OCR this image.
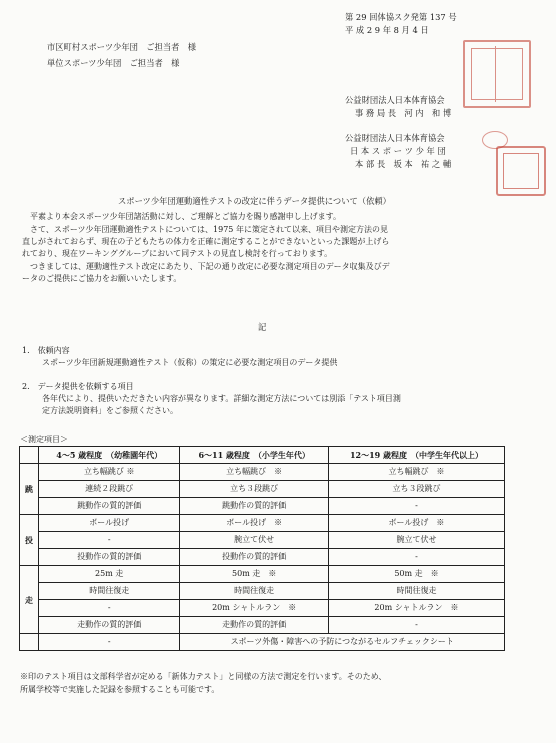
第 29 回体協スク発第 137 号
平 成 2 9 年 8 月 4 日
市区町村スポーツ少年団　ご担当者　様
単位スポーツ少年団　ご担当者　様
公益財団法人日本体育協会
事 務 局 長　河 内　和 博
公益財団法人日本体育協会
日 本 ス ポ ー ツ 少 年 団
本 部 長　坂 本　祐 之 輔
スポーツ少年団運動適性テストの改定に伴うデータ提供について（依頼）
　平素より本会スポーツ少年団諸活動に対し、ご理解とご協力を賜り感謝申し上げます。
　さて、スポーツ少年団運動適性テストについては、1975 年に策定されて以来、項目や測定方法の見
直しがされておらず、現在の子どもたちの体力を正確に測定することができないといった課題が上げら
れており、現在ワーキンググループにおいて同テストの見直し検討を行っております。
　つきましては、運動適性テスト改定にあたり、下記の通り改定に必要な測定項目のデータ収集及びデ
ータのご提供にご協力をお願いいたします。
記
1.　依頼内容
スポーツ少年団新規運動適性テスト（仮称）の策定に必要な測定項目のデータ提供
2.　データ提供を依頼する項目
各年代により、提供いただきたい内容が異なります。詳細な測定方法については別添「テスト項目測
定方法説明資料」をご参照ください。
＜測定項目＞
	4～5 歳程度　（幼稚園年代）	6～11 歳程度　（小学生年代）	12～19 歳程度　（中学生年代以上）
跳	立ち幅跳び ※	立ち幅跳び　※	立ち幅跳び　※
	連続２段跳び	立ち３段跳び	立ち３段跳び
	跳動作の質的評価	跳動作の質的評価	-
投	ボール投げ	ボール投げ　※	ボール投げ　※
	-	腕立て伏せ	腕立て伏せ
	投動作の質的評価	投動作の質的評価	-
走	25m 走	50m 走　※	50m 走　※
	時間往復走	時間往復走	時間往復走
	-	20m シャトルラン　※	20m シャトルラン　※
	走動作の質的評価	走動作の質的評価	-
	-	スポーツ外傷・障害への予防につながるセルフチェックシート	
※印のテスト項目は文部科学省が定める「新体力テスト」と同様の方法で測定を行います。そのため、
所属学校等で実施した記録を参照することも可能です。
